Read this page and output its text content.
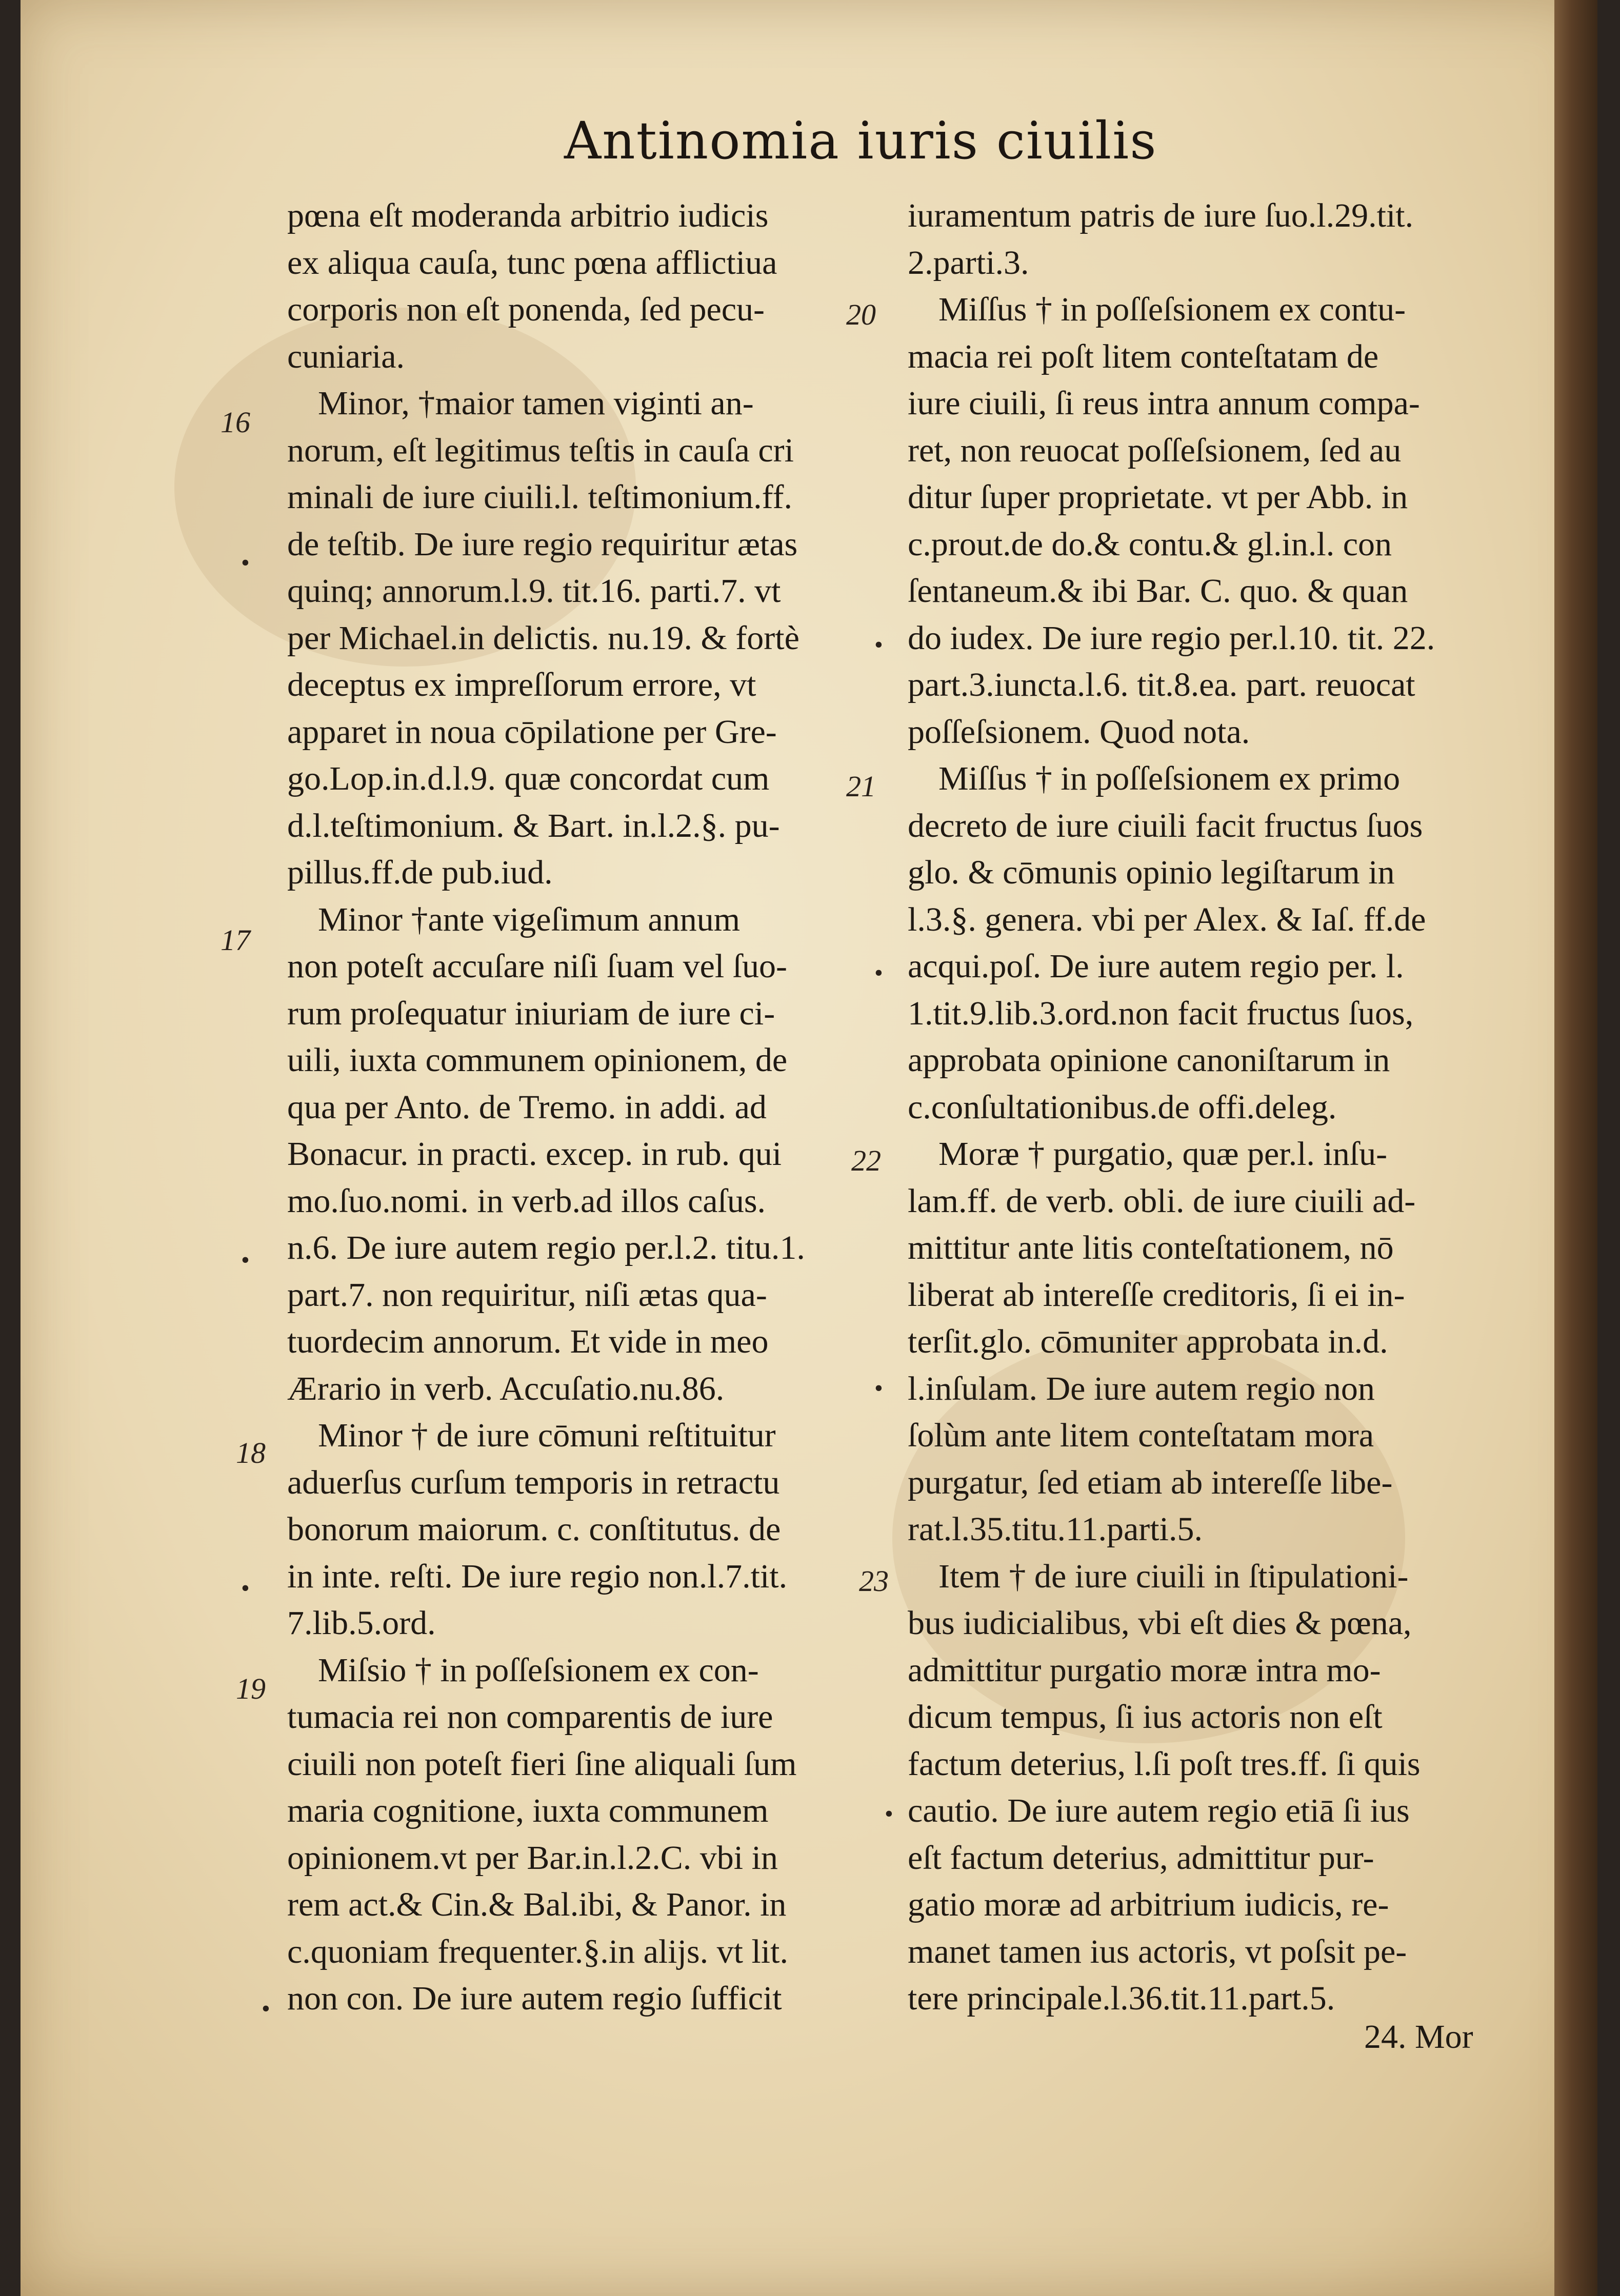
Antinomia iuris ciuilis
pœna eſt moderanda arbitrio iudicis
ex aliqua cauſa, tunc pœna afflictiua
corporis non eſt ponenda, ſed pecu-
cuniaria.
Minor, †maior tamen viginti an-
norum, eſt legitimus teſtis in cauſa cri
minali de iure ciuili.l. teſtimonium.ff.
de teſtib. De iure regio requiritur ætas
quinq; annorum.l.9. tit.16. parti.7. vt
per Michael.in delictis. nu.19. & fortè
deceptus ex impreſſorum errore, vt
apparet in noua cōpilatione per Gre-
go.Lop.in.d.l.9. quæ concordat cum
d.l.teſtimonium. & Bart. in.l.2.§. pu-
pillus.ff.de pub.iud.
Minor †ante vigeſimum annum
non poteſt accuſare niſi ſuam vel ſuo-
rum proſequatur iniuriam de iure ci-
uili, iuxta communem opinionem, de
qua per Anto. de Tremo. in addi. ad
Bonacur. in practi. excep. in rub. qui
mo.ſuo.nomi. in verb.ad illos caſus.
n.6. De iure autem regio per.l.2. titu.1.
part.7. non requiritur, niſi ætas qua-
tuordecim annorum. Et vide in meo
Ærario in verb. Accuſatio.nu.86.
Minor † de iure cōmuni reſtituitur
aduerſus curſum temporis in retractu
bonorum maiorum. c. conſtitutus. de
in inte. reſti. De iure regio non.l.7.tit.
7.lib.5.ord.
Miſsio † in poſſeſsionem ex con-
tumacia rei non comparentis de iure
ciuili non poteſt fieri ſine aliquali ſum
maria cognitione, iuxta communem
opinionem.vt per Bar.in.l.2.C. vbi in
rem act.& Cin.& Bal.ibi, & Panor. in
c.quoniam frequenter.§.in alijs. vt lit.
non con. De iure autem regio ſufficit
iuramentum patris de iure ſuo.l.29.tit.
2.parti.3.
Miſſus † in poſſeſsionem ex contu-
macia rei poſt litem conteſtatam de
iure ciuili, ſi reus intra annum compa-
ret, non reuocat poſſeſsionem, ſed au
ditur ſuper proprietate. vt per Abb. in
c.prout.de do.& contu.& gl.in.l. con
ſentaneum.& ibi Bar. C. quo. & quan
do iudex. De iure regio per.l.10. tit. 22.
part.3.iuncta.l.6. tit.8.ea. part. reuocat
poſſeſsionem. Quod nota.
Miſſus † in poſſeſsionem ex primo
decreto de iure ciuili facit fructus ſuos
glo. & cōmunis opinio legiſtarum in
l.3.§. genera. vbi per Alex. & Iaſ. ff.de
acqui.poſ. De iure autem regio per. l.
1.tit.9.lib.3.ord.non facit fructus ſuos,
approbata opinione canoniſtarum in
c.conſultationibus.de offi.deleg.
Moræ † purgatio, quæ per.l. inſu-
lam.ff. de verb. obli. de iure ciuili ad-
mittitur ante litis conteſtationem, nō
liberat ab intereſſe creditoris, ſi ei in-
terſit.glo. cōmuniter approbata in.d.
l.inſulam. De iure autem regio non
ſolùm ante litem conteſtatam mora
purgatur, ſed etiam ab intereſſe libe-
rat.l.35.titu.11.parti.5.
Item † de iure ciuili in ſtipulationi-
bus iudicialibus, vbi eſt dies & pœna,
admittitur purgatio moræ intra mo-
dicum tempus, ſi ius actoris non eſt
factum deterius, l.ſi poſt tres.ff. ſi quis
cautio. De iure autem regio etiā ſi ius
eſt factum deterius, admittitur pur-
gatio moræ ad arbitrium iudicis, re-
manet tamen ius actoris, vt poſsit pe-
tere principale.l.36.tit.11.part.5.
16
17
18
19
20
21
22
23
•
•
•
•
•
•
•
•
24. Mor
